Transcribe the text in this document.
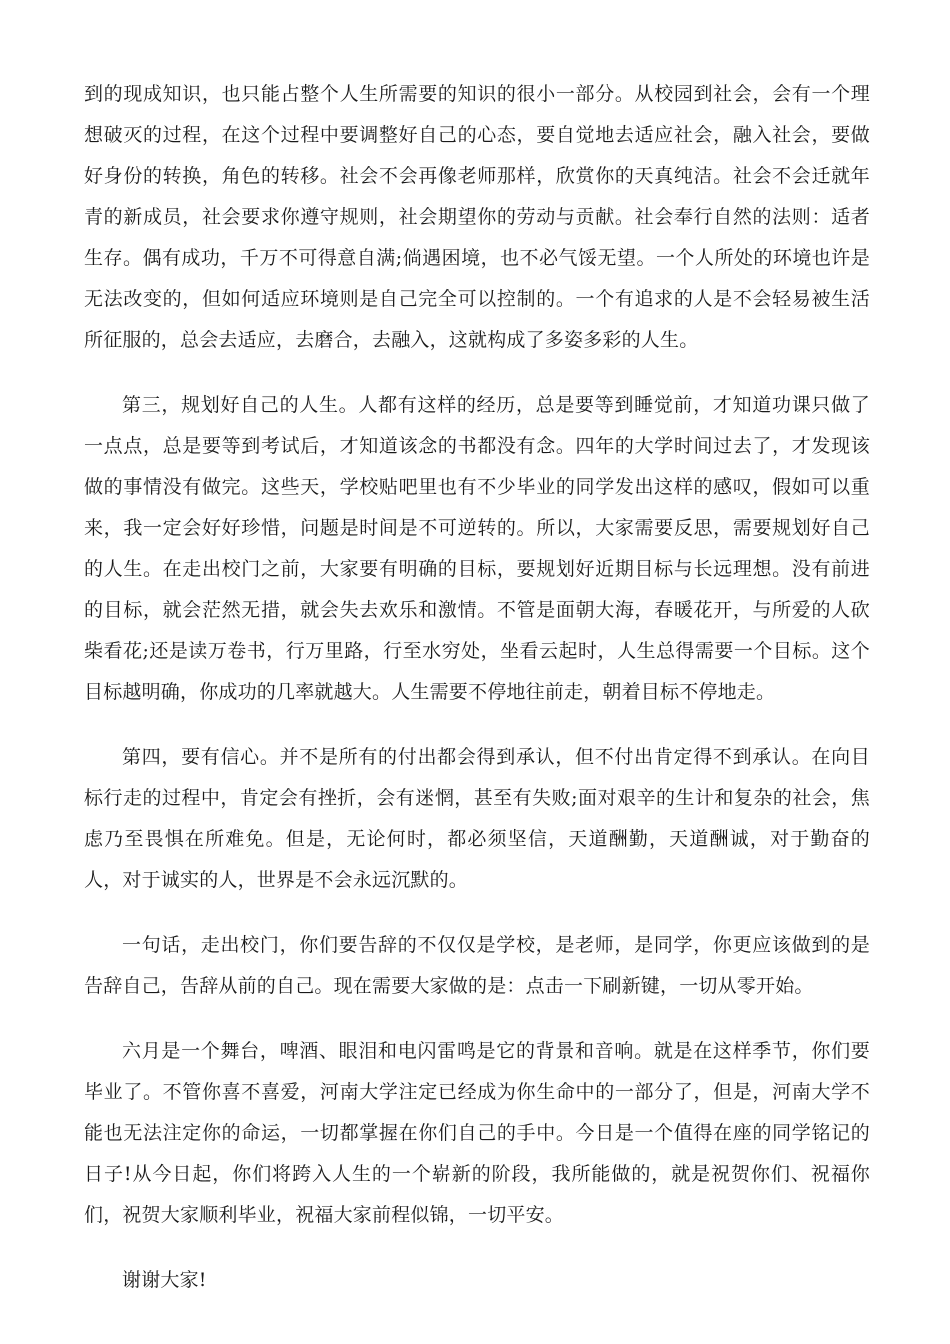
到的现成知识，也只能占整个人生所需要的知识的很小一部分。从校园到社会，会有一个理想破灭的过程，在这个过程中要调整好自己的心态，要自觉地去适应社会，融入社会，要做好身份的转换，角色的转移。社会不会再像老师那样，欣赏你的天真纯洁。社会不会迁就年青的新成员，社会要求你遵守规则，社会期望你的劳动与贡献。社会奉行自然的法则：适者生存。偶有成功，千万不可得意自满;倘遇困境，也不必气馁无望。一个人所处的环境也许是无法改变的，但如何适应环境则是自己完全可以控制的。一个有追求的人是不会轻易被生活所征服的，总会去适应，去磨合，去融入，这就构成了多姿多彩的人生。

第三，规划好自己的人生。人都有这样的经历，总是要等到睡觉前，才知道功课只做了一点点，总是要等到考试后，才知道该念的书都没有念。四年的大学时间过去了，才发现该做的事情没有做完。这些天，学校贴吧里也有不少毕业的同学发出这样的感叹，假如可以重来，我一定会好好珍惜，问题是时间是不可逆转的。所以，大家需要反思，需要规划好自己的人生。在走出校门之前，大家要有明确的目标，要规划好近期目标与长远理想。没有前进的目标，就会茫然无措，就会失去欢乐和激情。不管是面朝大海，春暖花开，与所爱的人砍柴看花;还是读万卷书，行万里路，行至水穷处，坐看云起时，人生总得需要一个目标。这个目标越明确，你成功的几率就越大。人生需要不停地往前走，朝着目标不停地走。

第四，要有信心。并不是所有的付出都会得到承认，但不付出肯定得不到承认。在向目标行走的过程中，肯定会有挫折，会有迷惘，甚至有失败;面对艰辛的生计和复杂的社会，焦虑乃至畏惧在所难免。但是，无论何时，都必须坚信，天道酬勤，天道酬诚，对于勤奋的人，对于诚实的人，世界是不会永远沉默的。

一句话，走出校门，你们要告辞的不仅仅是学校，是老师，是同学，你更应该做到的是告辞自己，告辞从前的自己。现在需要大家做的是：点击一下刷新键，一切从零开始。

六月是一个舞台，啤酒、眼泪和电闪雷鸣是它的背景和音响。就是在这样季节，你们要毕业了。不管你喜不喜爱，河南大学注定已经成为你生命中的一部分了，但是，河南大学不能也无法注定你的命运，一切都掌握在你们自己的手中。今日是一个值得在座的同学铭记的日子!从今日起，你们将跨入人生的一个崭新的阶段，我所能做的，就是祝贺你们、祝福你们，祝贺大家顺利毕业，祝福大家前程似锦，一切平安。

谢谢大家!
